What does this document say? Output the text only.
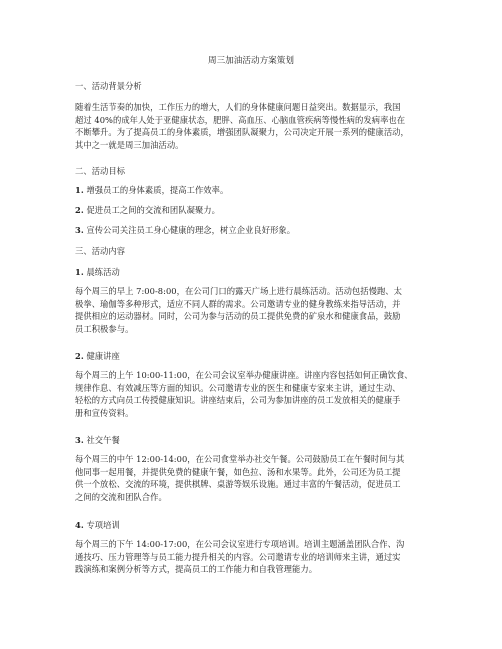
周三加油活动方案策划

一、活动背景分析

随着生活节奏的加快，工作压力的增大，人们的身体健康问题日益突出。数据显示，我国
超过 40%的成年人处于亚健康状态，肥胖、高血压、心脑血管疾病等慢性病的发病率也在
不断攀升。为了提高员工的身体素质，增强团队凝聚力，公司决定开展一系列的健康活动，
其中之一就是周三加油活动。

二、活动目标

1. 增强员工的身体素质，提高工作效率。

2. 促进员工之间的交流和团队凝聚力。

3. 宣传公司关注员工身心健康的理念，树立企业良好形象。

三、活动内容

1. 晨练活动

每个周三的早上 7:00-8:00，在公司门口的露天广场上进行晨练活动。活动包括慢跑、太
极拳、瑜伽等多种形式，适应不同人群的需求。公司邀请专业的健身教练来指导活动，并
提供相应的运动器材。同时，公司为参与活动的员工提供免费的矿泉水和健康食品，鼓励
员工积极参与。

2. 健康讲座

每个周三的上午 10:00-11:00，在公司会议室举办健康讲座。讲座内容包括如何正确饮食、
规律作息、有效减压等方面的知识。公司邀请专业的医生和健康专家来主讲，通过生动、
轻松的方式向员工传授健康知识。讲座结束后，公司为参加讲座的员工发放相关的健康手
册和宣传资料。

3. 社交午餐

每个周三的中午 12:00-14:00，在公司食堂举办社交午餐。公司鼓励员工在午餐时间与其
他同事一起用餐，并提供免费的健康午餐，如色拉、汤和水果等。此外，公司还为员工提
供一个放松、交流的环境，提供棋牌、桌游等娱乐设施。通过丰富的午餐活动，促进员工
之间的交流和团队合作。

4. 专项培训

每个周三的下午 14:00-17:00，在公司会议室进行专项培训。培训主题涵盖团队合作、沟
通技巧、压力管理等与员工能力提升相关的内容。公司邀请专业的培训师来主讲，通过实
践演练和案例分析等方式，提高员工的工作能力和自我管理能力。
